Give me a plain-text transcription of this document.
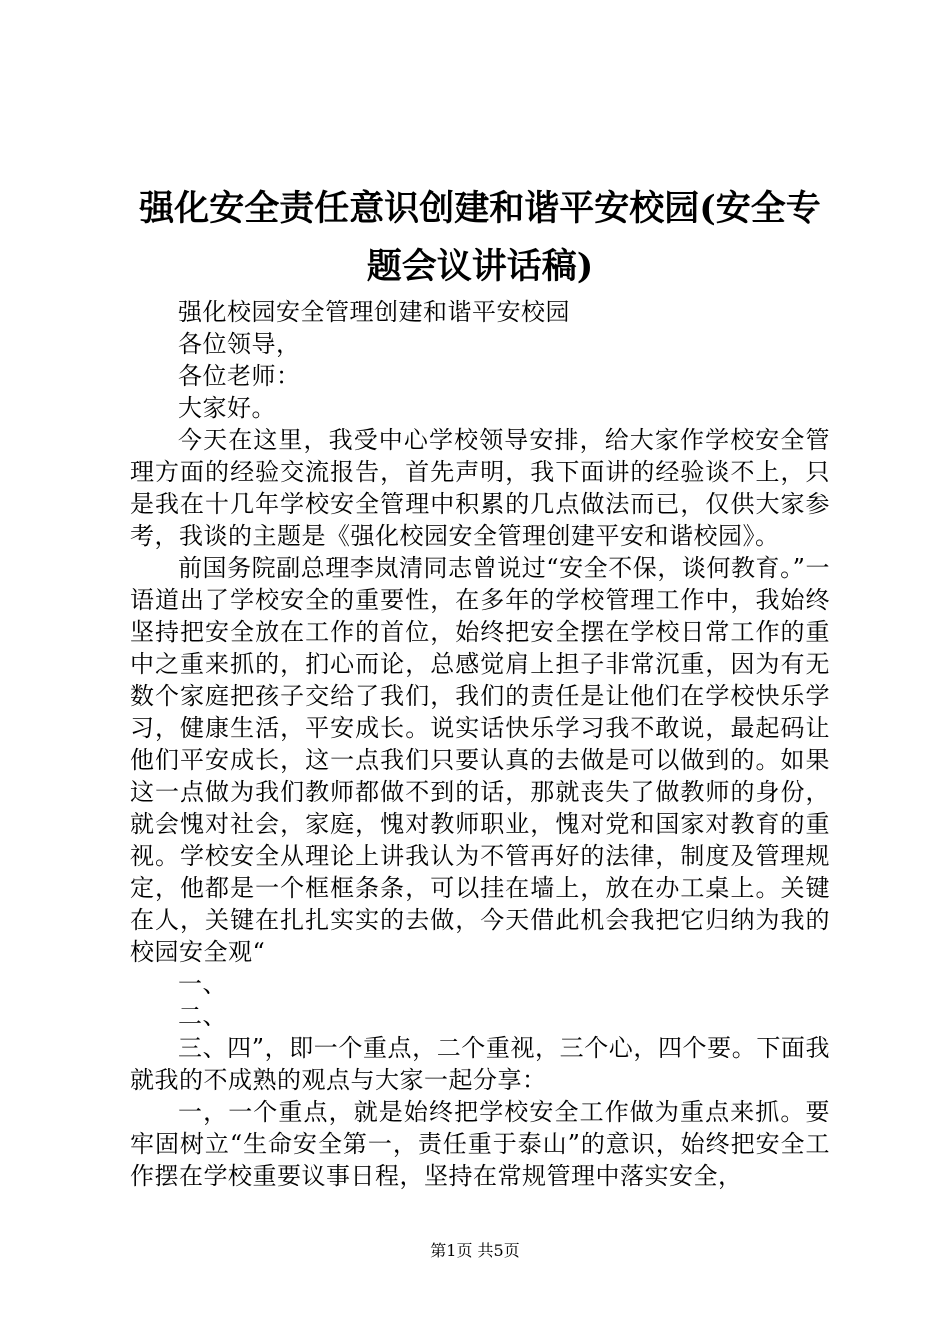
强化安全责任意识创建和谐平安校园(安全专题会议讲话稿)

强化校园安全管理创建和谐平安校园

各位领导，

各位老师：

大家好。

今天在这里，我受中心学校领导安排，给大家作学校安全管理方面的经验交流报告，首先声明，我下面讲的经验谈不上，只是我在十几年学校安全管理中积累的几点做法而已，仅供大家参考，我谈的主题是《强化校园安全管理创建平安和谐校园》。

前国务院副总理李岚清同志曾说过“安全不保，谈何教育。”一语道出了学校安全的重要性，在多年的学校管理工作中，我始终坚持把安全放在工作的首位，始终把安全摆在学校日常工作的重中之重来抓的，扪心而论，总感觉肩上担子非常沉重，因为有无数个家庭把孩子交给了我们，我们的责任是让他们在学校快乐学习，健康生活，平安成长。说实话快乐学习我不敢说，最起码让他们平安成长，这一点我们只要认真的去做是可以做到的。如果这一点做为我们教师都做不到的话，那就丧失了做教师的身份，就会愧对社会，家庭，愧对教师职业，愧对党和国家对教育的重视。学校安全从理论上讲我认为不管再好的法律，制度及管理规定，他都是一个框框条条，可以挂在墙上，放在办工桌上。关键在人，关键在扎扎实实的去做，今天借此机会我把它归纳为我的校园安全观“

一、

二、

三、四”，即一个重点，二个重视，三个心，四个要。下面我就我的不成熟的观点与大家一起分享：

一，一个重点，就是始终把学校安全工作做为重点来抓。要牢固树立“生命安全第一，责任重于泰山”的意识，始终把安全工作摆在学校重要议事日程，坚持在常规管理中落实安全，

第1页 共5页
